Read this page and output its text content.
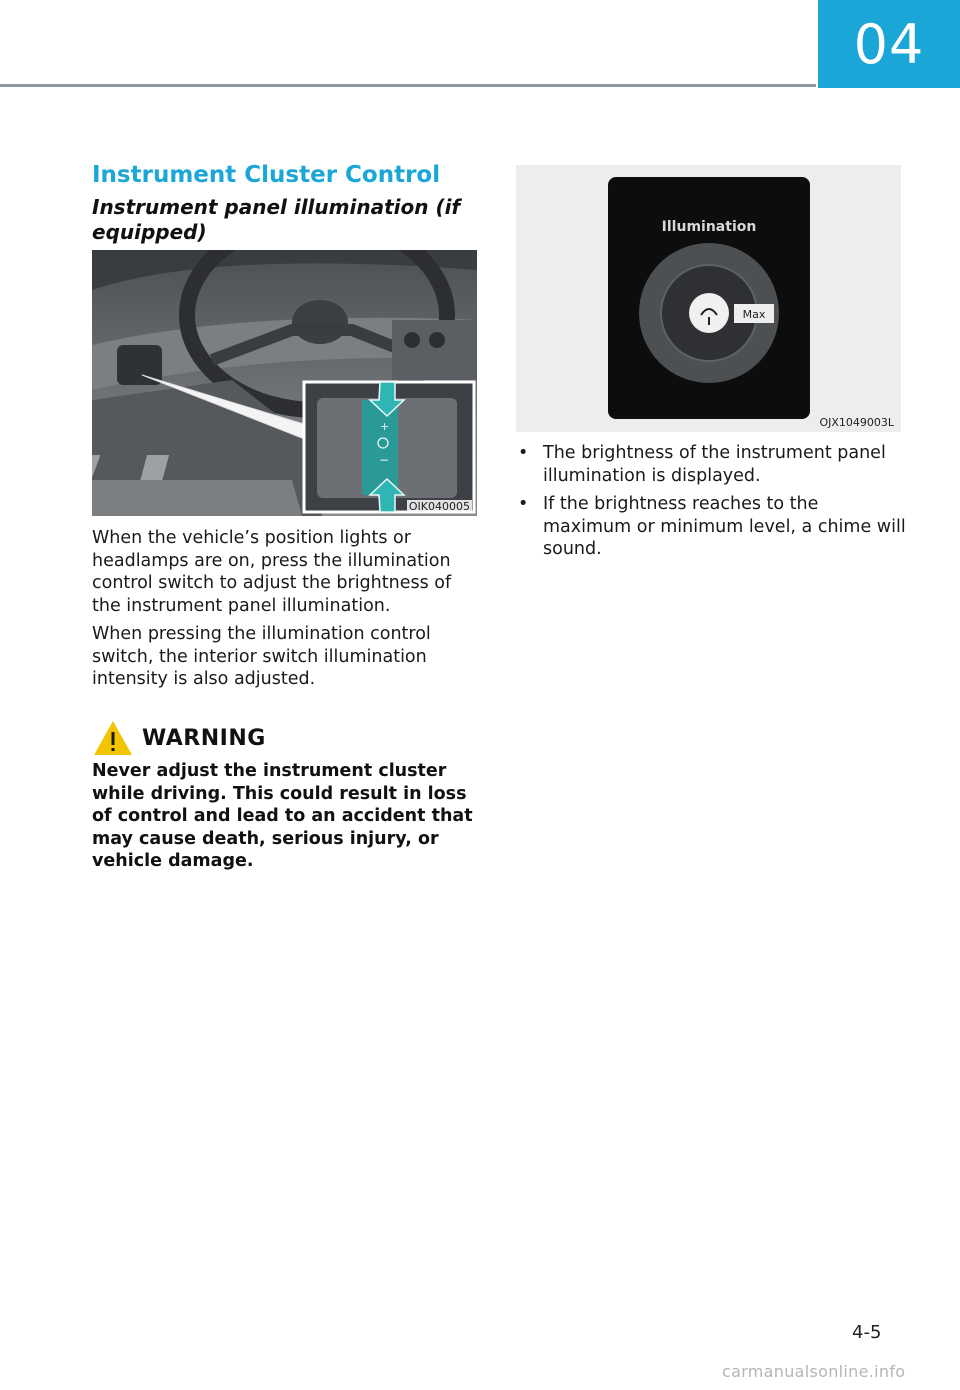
04
Instrument Cluster Control
Instrument panel illumination (if equipped)
+
−
OIK040005

When the vehicle’s position lights or headlamps are on, press the illumination control switch to adjust the brightness of the instrument panel illumination.

When pressing the illumination control switch, the interior switch illumination intensity is also adjusted.

WARNING

Never adjust the instrument cluster while driving. This could result in loss of control and lead to an accident that may cause death, serious injury, or vehicle damage.

Illumination
Max
OJX1049003L
• The brightness of the instrument panel illumination is displayed.
• If the brightness reaches to the maximum or minimum level, a chime will sound.
4-5
carmanualsonline.info
